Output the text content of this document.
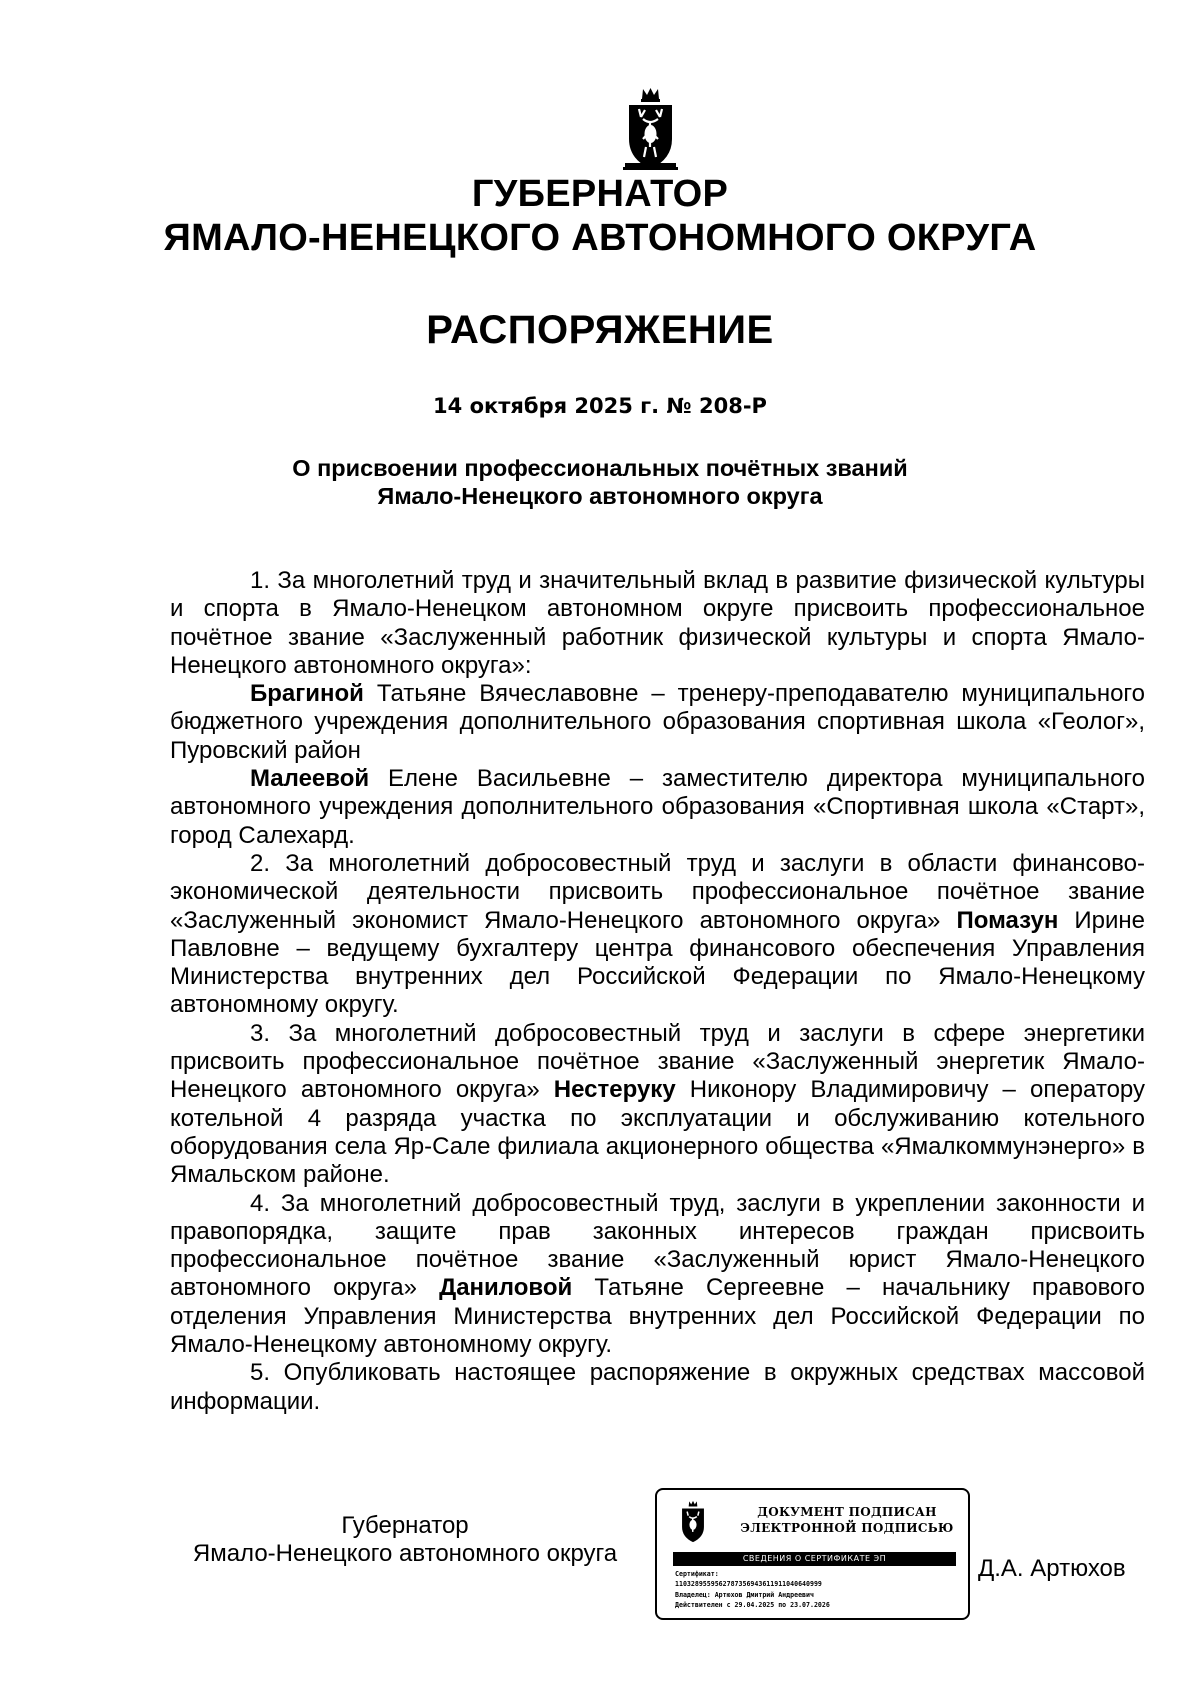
ГУБЕРНАТОР
ЯМАЛО-НЕНЕЦКОГО АВТОНОМНОГО ОКРУГА
РАСПОРЯЖЕНИЕ
14 октября 2025 г. № 208-Р
О присвоении профессиональных почётных званий
Ямало-Ненецкого автономного округа

1. За многолетний труд и значительный вклад в развитие физической культуры и спорта в Ямало-Ненецком автономном округе присвоить профессиональное почётное звание «Заслуженный работник физической культуры и спорта Ямало-Ненецкого автономного округа»:

Брагиной Татьяне Вячеславовне – тренеру-преподавателю муниципального бюджетного учреждения дополнительного образования спортивная школа «Геолог», Пуровский район

Малеевой Елене Васильевне – заместителю директора муниципального автономного учреждения дополнительного образования «Спортивная школа «Старт», город Салехард.

2. За многолетний добросовестный труд и заслуги в области финансово-экономической деятельности присвоить профессиональное почётное звание «Заслуженный экономист Ямало-Ненецкого автономного округа» Помазун Ирине Павловне – ведущему бухгалтеру центра финансового обеспечения Управления Министерства внутренних дел Российской Федерации по Ямало-Ненецкому автономному округу.

3. За многолетний добросовестный труд и заслуги в сфере энергетики присвоить профессиональное почётное звание «Заслуженный энергетик Ямало-Ненецкого автономного округа» Нестеруку Никонору Владимировичу – оператору котельной 4 разряда участка по эксплуатации и обслуживанию котельного оборудования села Яр-Сале филиала акционерного общества «Ямалкоммунэнерго» в Ямальском районе.

4. За многолетний добросовестный труд, заслуги в укреплении законности и правопорядка, защите прав законных интересов граждан присвоить профессиональное почётное звание «Заслуженный юрист Ямало-Ненецкого автономного округа» Даниловой Татьяне Сергеевне – начальнику правового отделения Управления Министерства внутренних дел Российской Федерации по Ямало-Ненецкому автономному округу.

5. Опубликовать настоящее распоряжение в окружных средствах массовой информации.

Губернатор
Ямало-Ненецкого автономного округа
ДОКУМЕНТ ПОДПИСАН
ЭЛЕКТРОННОЙ ПОДПИСЬЮ
СВЕДЕНИЯ О СЕРТИФИКАТЕ ЭП
Сертификат:
1103289559562787356943611911040640999
Владелец: Артюхов Дмитрий Андреевич
Действителен с 29.04.2025 по 23.07.2026
Д.А. Артюхов
